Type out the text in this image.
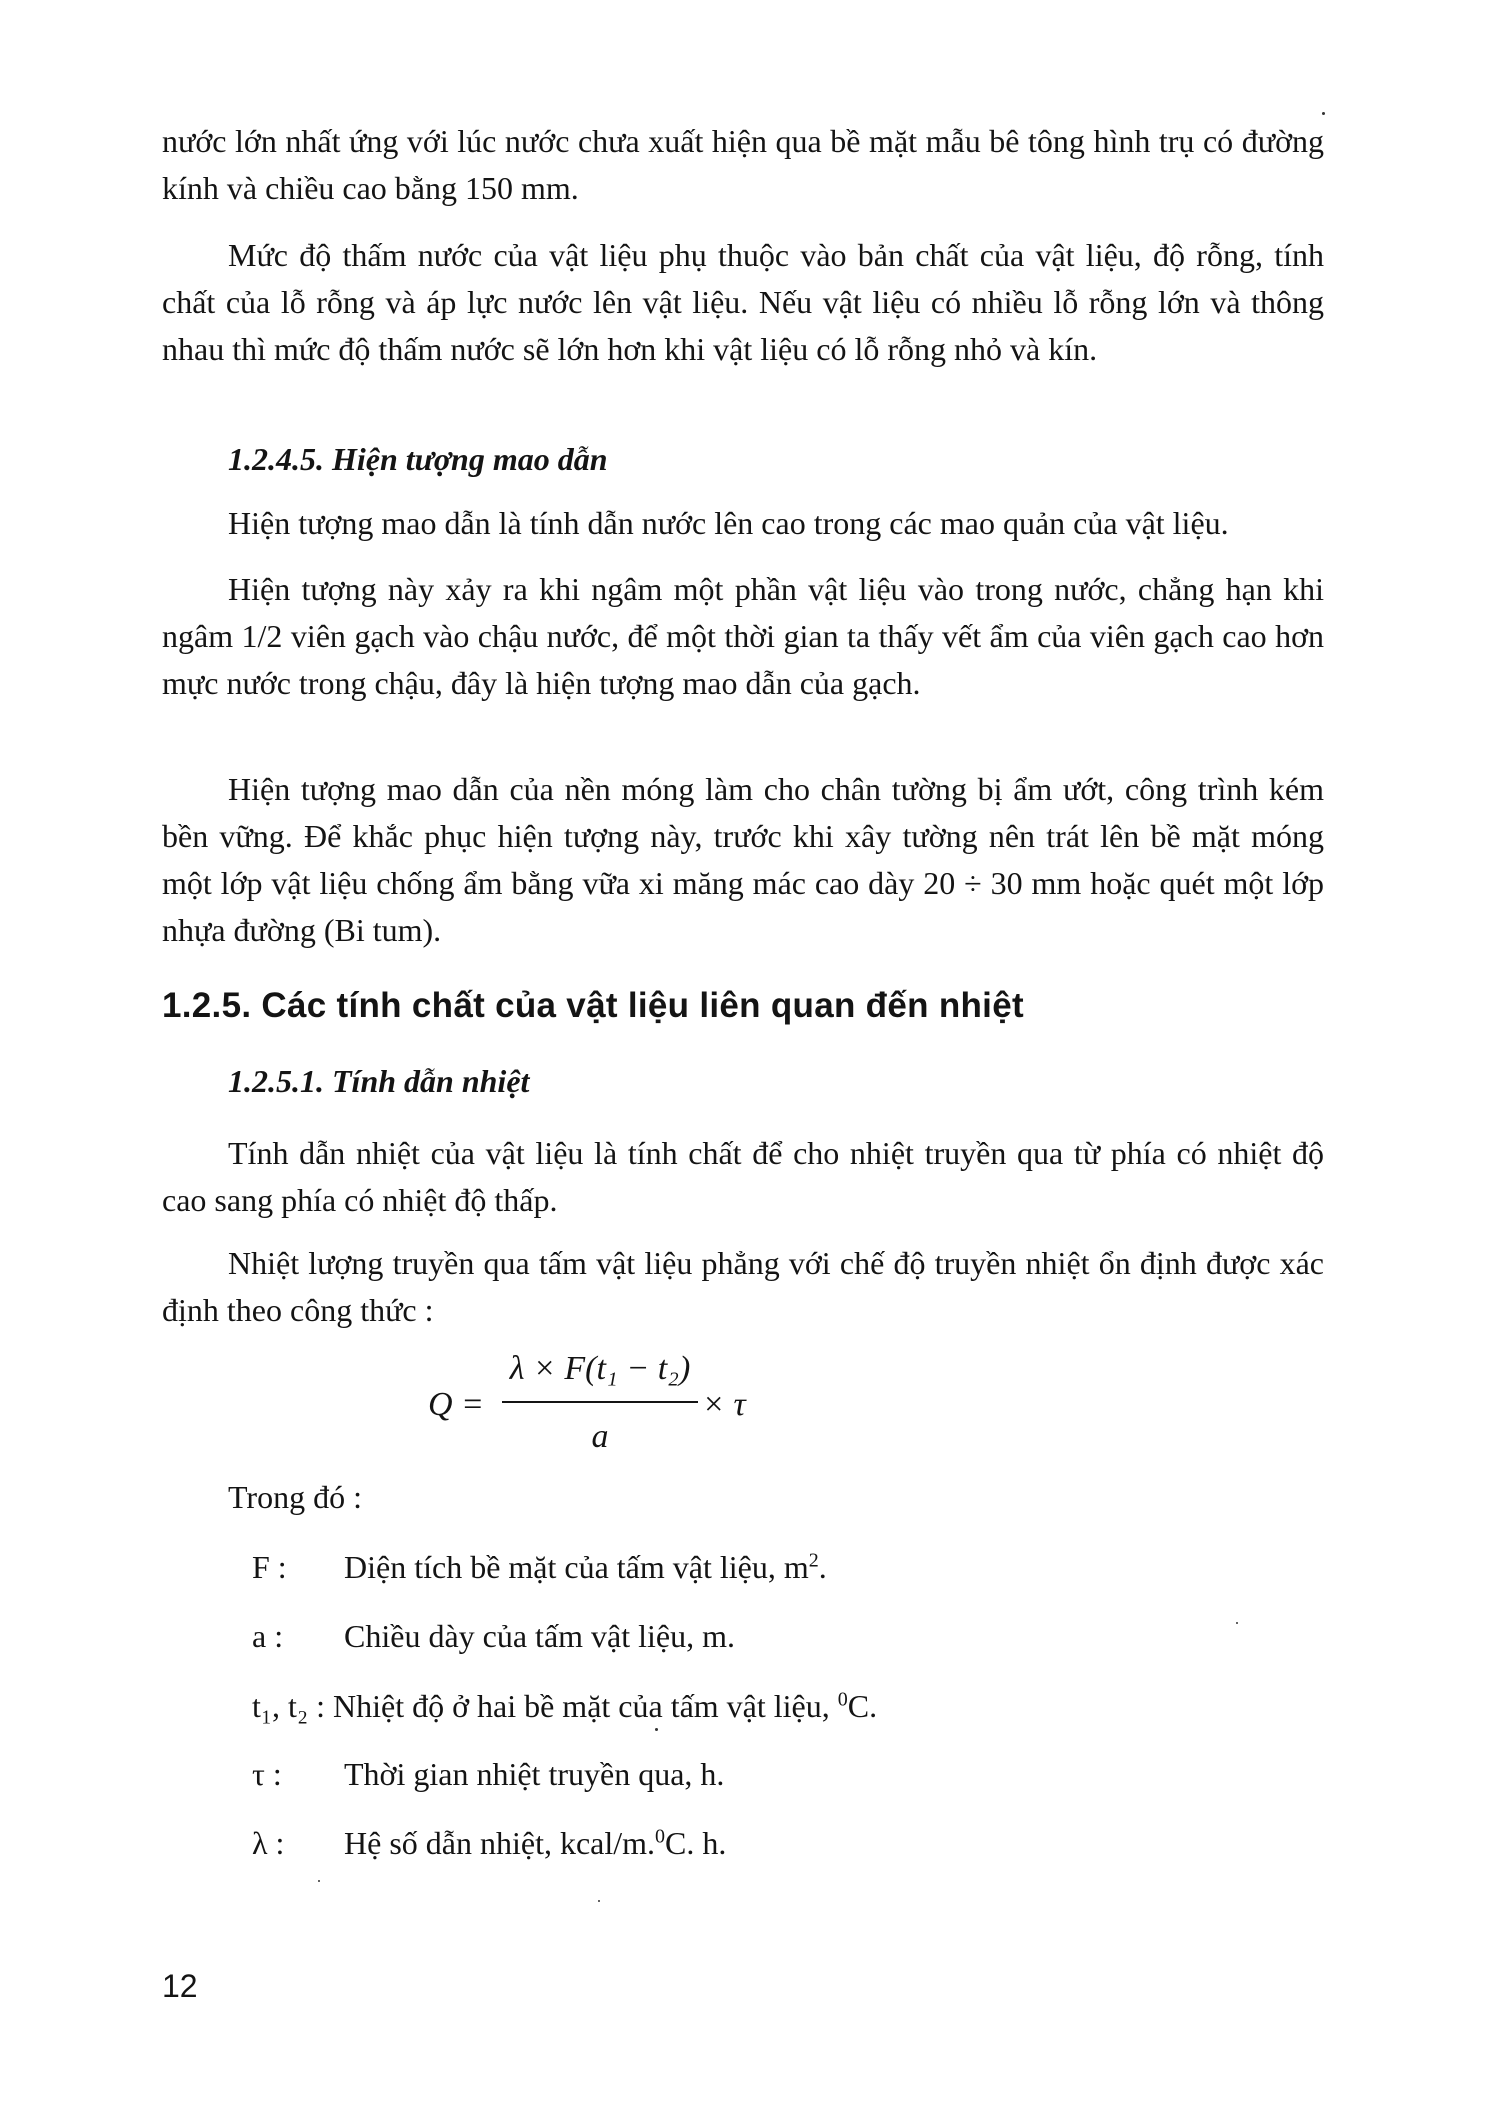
nước lớn nhất ứng với lúc nước chưa xuất hiện qua bề mặt mẫu bê tông hình trụ có đường kính và chiều cao bằng 150 mm.

Mức độ thấm nước của vật liệu phụ thuộc vào bản chất của vật liệu, độ rỗng, tính chất của lỗ rỗng và áp lực nước lên vật liệu. Nếu vật liệu có nhiều lỗ rỗng lớn và thông nhau thì mức độ thấm nước sẽ lớn hơn khi vật liệu có lỗ rỗng nhỏ và kín.

1.2.4.5. Hiện tượng mao dẫn

Hiện tượng mao dẫn là tính dẫn nước lên cao trong các mao quản của vật liệu.

Hiện tượng này xảy ra khi ngâm một phần vật liệu vào trong nước, chẳng hạn khi ngâm 1/2 viên gạch vào chậu nước, để một thời gian ta thấy vết ẩm của viên gạch cao hơn mực nước trong chậu, đây là hiện tượng mao dẫn của gạch.

Hiện tượng mao dẫn của nền móng làm cho chân tường bị ẩm ướt, công trình kém bền vững. Để khắc phục hiện tượng này, trước khi xây tường nên trát lên bề mặt móng một lớp vật liệu chống ẩm bằng vữa xi măng mác cao dày 20 ÷ 30 mm hoặc quét một lớp nhựa đường (Bi tum).

1.2.5. Các tính chất của vật liệu liên quan đến nhiệt

1.2.5.1. Tính dẫn nhiệt

Tính dẫn nhiệt của vật liệu là tính chất để cho nhiệt truyền qua từ phía có nhiệt độ cao sang phía có nhiệt độ thấp.

Nhiệt lượng truyền qua tấm vật liệu phẳng với chế độ truyền nhiệt ổn định được xác định theo công thức :

Q =
λ × F(t₁ − t₂)
a
× τ

Trong đó :

F : Diện tích bề mặt của tấm vật liệu, $m^2$.
a : Chiều dày của tấm vật liệu, m.
t₁, t₂ : Nhiệt độ ở hai bề mặt của tấm vật liệu, $^0$C.
τ : Thời gian nhiệt truyền qua, h.
λ : Hệ số dẫn nhiệt, kcal/m.$^0$C. h.
12
